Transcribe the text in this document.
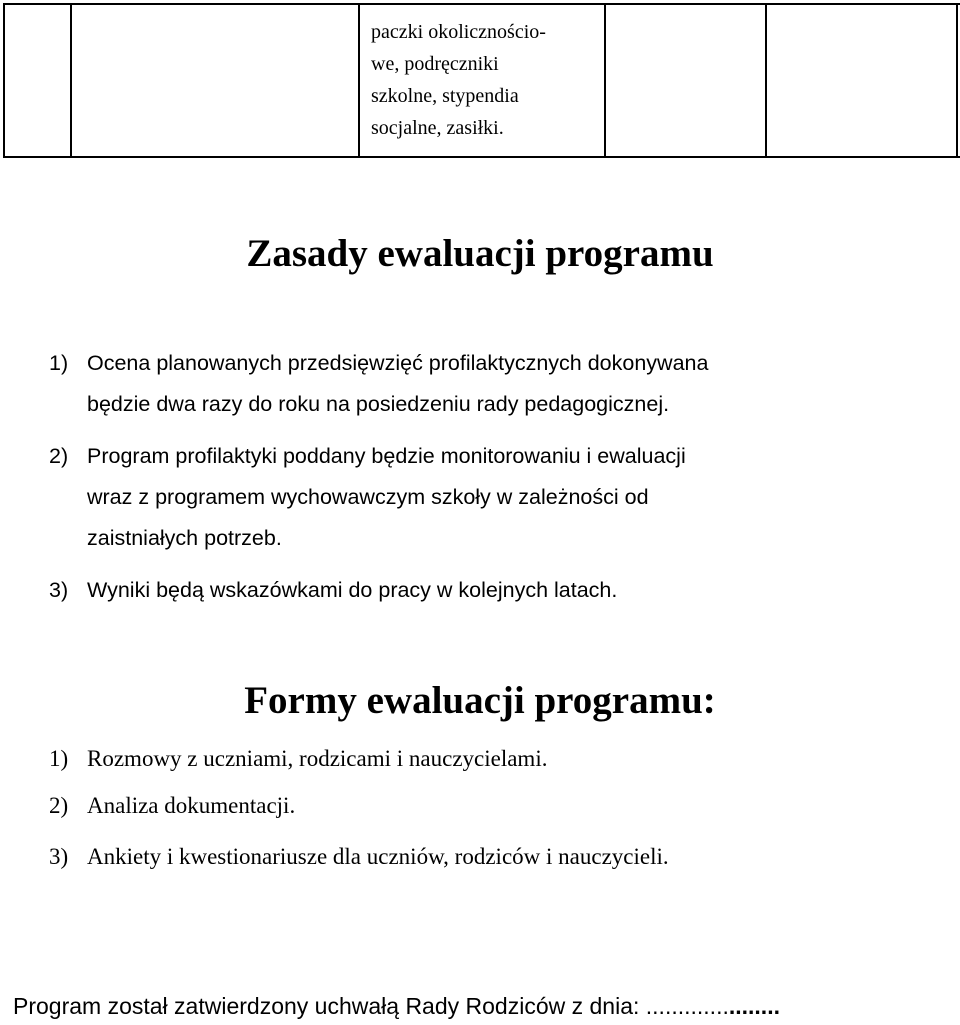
paczki okolicznościo-
we, podręczniki
szkolne, stypendia
socjalne, zasiłki.
Zasady ewaluacji programu
1) Ocena planowanych przedsięwzięć profilaktycznych dokonywana
będzie dwa razy do roku na posiedzeniu rady pedagogicznej.
2) Program profilaktyki poddany będzie monitorowaniu i ewaluacji
wraz z programem wychowawczym szkoły w zależności od
zaistniałych potrzeb.
3) Wyniki będą wskazówkami do pracy w kolejnych latach.
Formy ewaluacji programu:
1) Rozmowy z uczniami, rodzicami i nauczycielami.
2) Analiza dokumentacji.
3) Ankiety i kwestionariusze dla uczniów, rodziców i nauczycieli.
Program został zatwierdzony uchwałą Rady Rodziców z dnia: .....................
